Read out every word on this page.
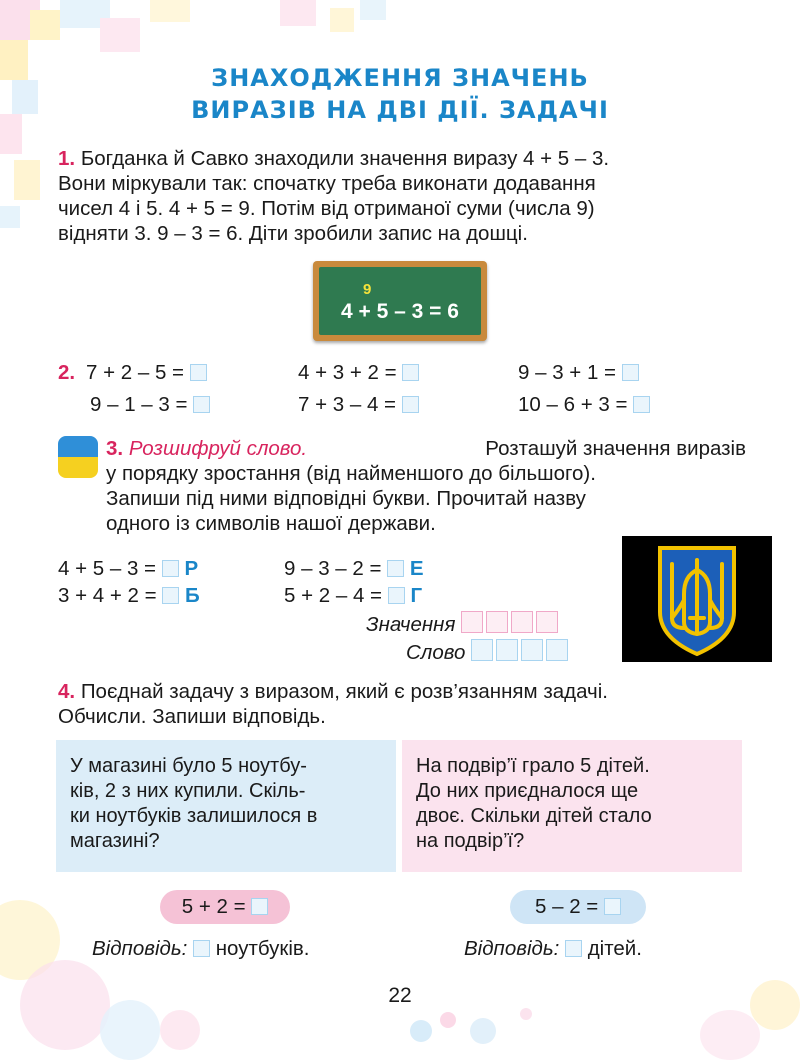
ЗНАХОДЖЕННЯ ЗНАЧЕНЬ
ВИРАЗІВ НА ДВІ ДІЇ. ЗАДАЧІ
1. Богданка й Савко знаходили значення виразу 4 + 5 – 3.
Вони міркували так: спочатку треба виконати додавання
чисел 4 і 5. 4 + 5 = 9. Потім від отриманої суми (числа 9)
відняти 3. 9 – 3 = 6. Діти зробили запис на дошці.
9
4 + 5 – 3 = 6
2. 7 + 2 – 5 =	4 + 3 + 2 =	9 – 3 + 1 =
9 – 1 – 3 =	7 + 3 – 4 =	10 – 6 + 3 =
3. Розшифруй слово.	Розташуй значення виразів
у порядку зростання (від найменшого до більшого).
Запиши під ними відповідні букви. Прочитай назву
одного із символів нашої держави.
4 + 5 – 3 = Р	9 – 3 – 2 = Е
3 + 4 + 2 = Б	5 + 2 – 4 = Г
Значення
Слово
4. Поєднай задачу з виразом, який є розв’язанням задачі.
Обчисли. Запиши відповідь.
У магазині було 5 ноутбу-
ків, 2 з них купили. Скіль-
ки ноутбуків залишилося в
магазині?
На подвір’ї грало 5 дітей.
До них приєдналося ще
двоє. Скільки дітей стало
на подвір’ї?
5 + 2 =	5 – 2 =
Відповідь: ноутбуків.	Відповідь: дітей.
22
